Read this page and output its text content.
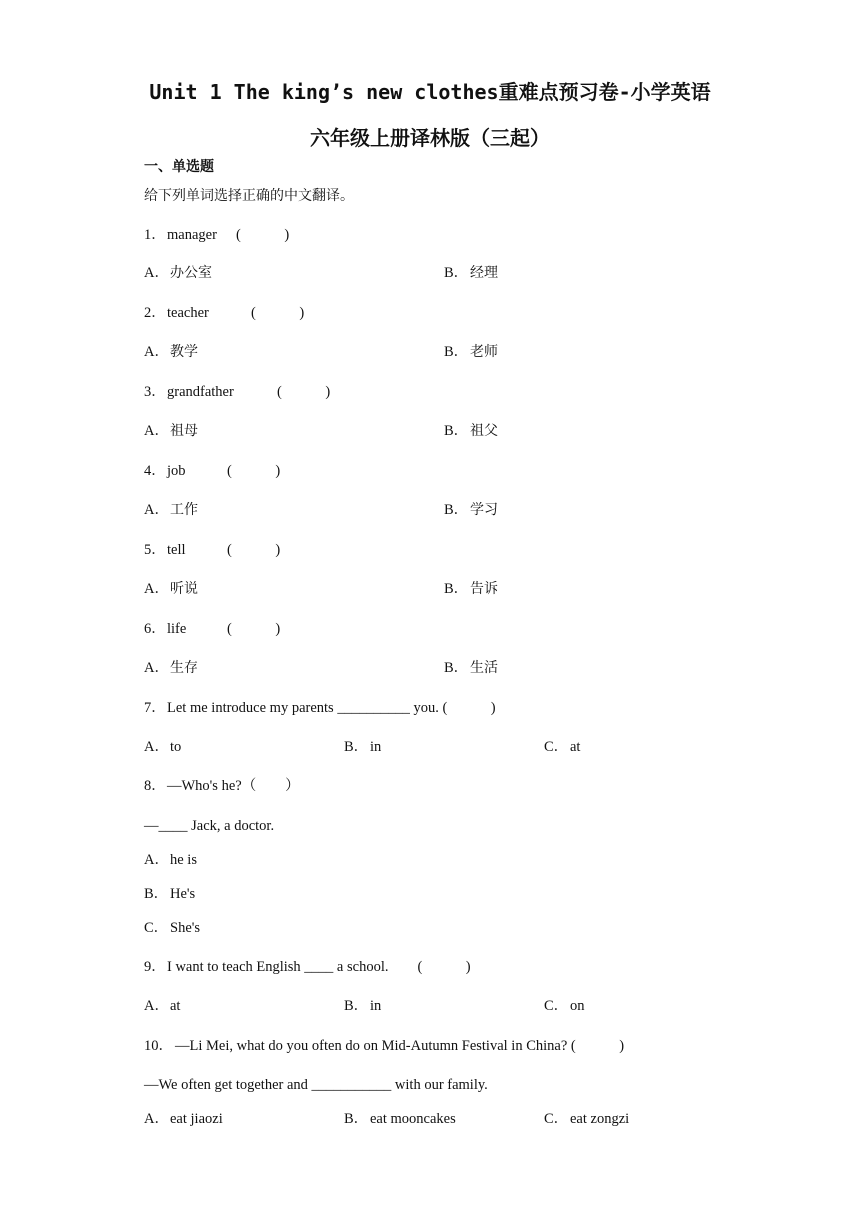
Unit 1 The king’s new clothes重难点预习卷-小学英语
六年级上册译林版（三起）
一、单选题
给下列单词选择正确的中文翻译。
1． manager (　　　)
A． 办公室	B． 经理
2． teacher	(　　　)
A． 教学	B． 老师
3． grandfather	(　　　)
A． 祖母	B． 祖父
4． job	(　　　)
A． 工作	B． 学习
5． tell	(　　　)
A． 听说	B． 告诉
6． life	(　　　)
A． 生存	B． 生活
7． Let me introduce my parents __________ you. (　　　)
A． to	B． in	C． at
8． —Who's he?（　　）
—____ Jack, a doctor.
A． he is
B． He's
C． She's
9． I want to teach English ____ a school.　　(　　　)
A． at	B． in	C． on
10． —Li Mei, what do you often do on Mid-Autumn Festival in China? (　　　)
—We often get together and ___________ with our family.
A． eat jiaozi	B． eat mooncakes	C． eat zongzi
